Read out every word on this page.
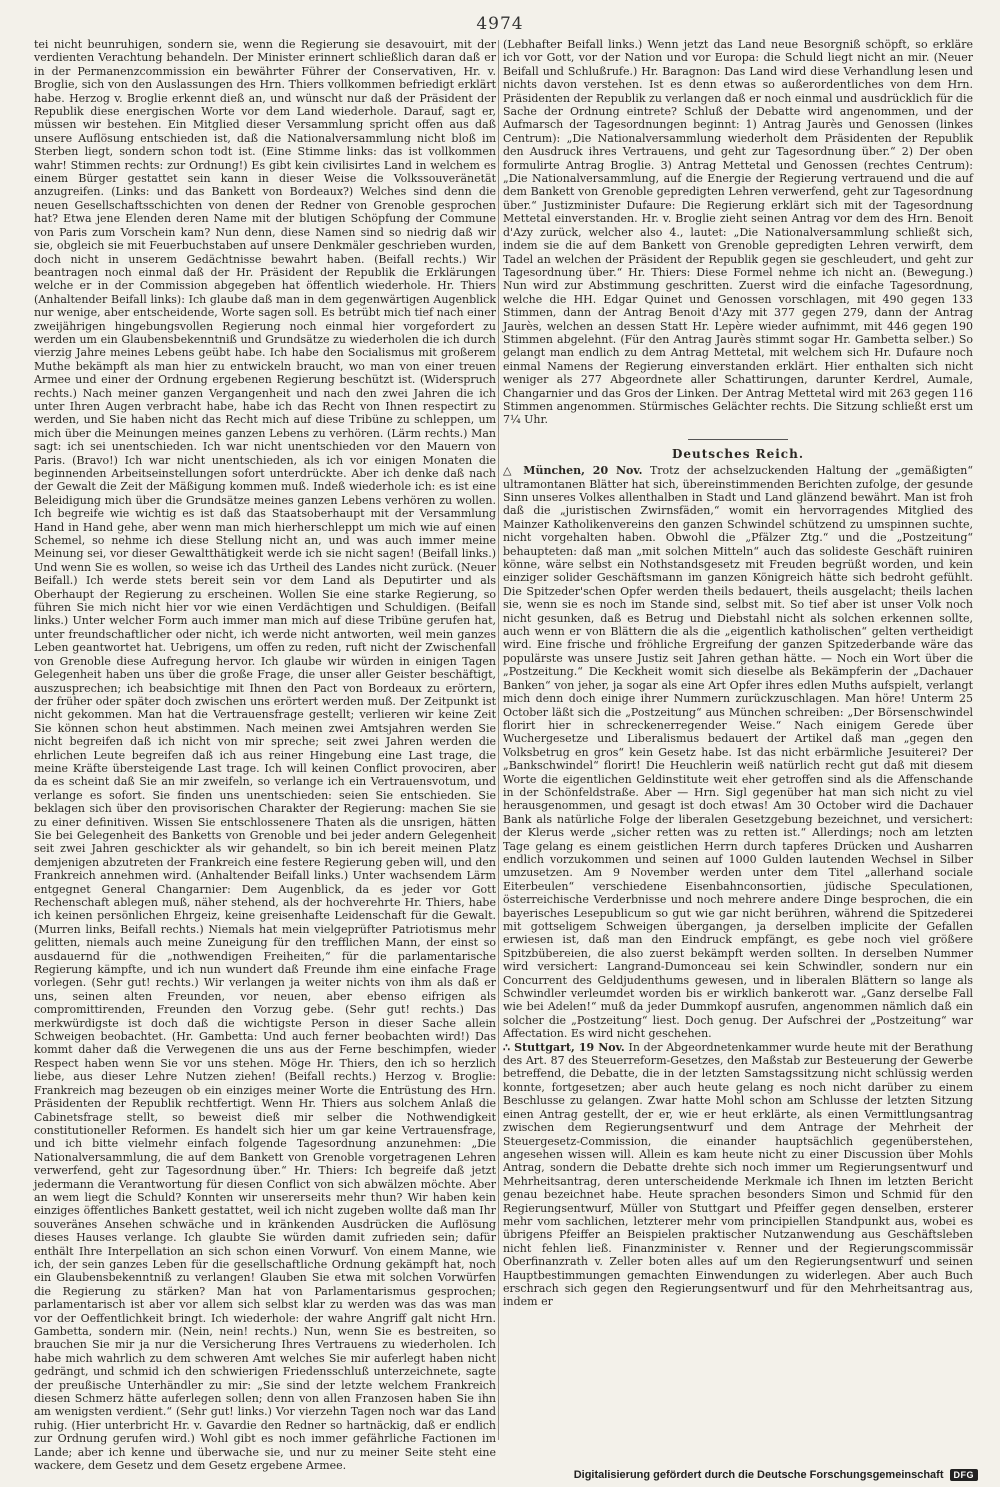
4974

tei nicht beunruhigen, sondern sie, wenn die Regierung sie desavouirt, mit der verdienten Verachtung behandeln. Der Minister erinnert schließlich daran daß er in der Permanenzcommission ein bewährter Führer der Conservativen, Hr. v. Broglie, sich von den Auslassungen des Hrn. Thiers vollkommen befriedigt erklärt habe. Herzog v. Broglie erkennt dieß an, und wünscht nur daß der Präsident der Republik diese energischen Worte vor dem Land wiederhole. Darauf, sagt er, müssen wir bestehen. Ein Mitglied dieser Versammlung spricht offen aus daß unsere Auflösung entschieden ist, daß die Nationalversammlung nicht bloß im Sterben liegt, sondern schon todt ist. (Eine Stimme links: das ist vollkommen wahr! Stimmen rechts: zur Ordnung!) Es gibt kein civilisirtes Land in welchem es einem Bürger gestattet sein kann in dieser Weise die Volkssouveränetät anzugreifen. (Links: und das Bankett von Bordeaux?) Welches sind denn die neuen Gesellschaftsschichten von denen der Redner von Grenoble gesprochen hat? Etwa jene Elenden deren Name mit der blutigen Schöpfung der Commune von Paris zum Vorschein kam? Nun denn, diese Namen sind so niedrig daß wir sie, obgleich sie mit Feuerbuchstaben auf unsere Denkmäler geschrieben wurden, doch nicht in unserem Gedächtnisse bewahrt haben. (Beifall rechts.) Wir beantragen noch einmal daß der Hr. Präsident der Republik die Erklärungen welche er in der Commission abgegeben hat öffentlich wiederhole. Hr. Thiers (Anhaltender Beifall links): Ich glaube daß man in dem gegenwärtigen Augenblick nur wenige, aber entscheidende, Worte sagen soll. Es betrübt mich tief nach einer zweijährigen hingebungsvollen Regierung noch einmal hier vorgefordert zu werden um ein Glaubensbekenntniß und Grundsätze zu wiederholen die ich durch vierzig Jahre meines Lebens geübt habe. Ich habe den Socialismus mit großerem Muthe bekämpft als man hier zu entwickeln braucht, wo man von einer treuen Armee und einer der Ordnung ergebenen Regierung beschützt ist. (Widerspruch rechts.) Nach meiner ganzen Vergangenheit und nach den zwei Jahren die ich unter Ihren Augen verbracht habe, habe ich das Recht von Ihnen respectirt zu werden, und Sie haben nicht das Recht mich auf diese Tribüne zu schleppen, um mich über die Meinungen meines ganzen Lebens zu verhören. (Lärm rechts.) Man sagt: ich sei unentschieden. Ich war nicht unentschieden vor den Mauern von Paris. (Bravo!) Ich war nicht unentschieden, als ich vor einigen Monaten die beginnenden Arbeitseinstellungen sofort unterdrückte. Aber ich denke daß nach der Gewalt die Zeit der Mäßigung kommen muß. Indeß wiederhole ich: es ist eine Beleidigung mich über die Grundsätze meines ganzen Lebens verhören zu wollen. Ich begreife wie wichtig es ist daß das Staatsoberhaupt mit der Versammlung Hand in Hand gehe, aber wenn man mich hierherschleppt um mich wie auf einen Schemel, so nehme ich diese Stellung nicht an, und was auch immer meine Meinung sei, vor dieser Gewaltthätigkeit werde ich sie nicht sagen! (Beifall links.) Und wenn Sie es wollen, so weise ich das Urtheil des Landes nicht zurück. (Neuer Beifall.) Ich werde stets bereit sein vor dem Land als Deputirter und als Oberhaupt der Regierung zu erscheinen. Wollen Sie eine starke Regierung, so führen Sie mich nicht hier vor wie einen Verdächtigen und Schuldigen. (Beifall links.) Unter welcher Form auch immer man mich auf diese Tribüne gerufen hat, unter freundschaftlicher oder nicht, ich werde nicht antworten, weil mein ganzes Leben geantwortet hat. Uebrigens, um offen zu reden, ruft nicht der Zwischenfall von Grenoble diese Aufregung hervor. Ich glaube wir würden in einigen Tagen Gelegenheit haben uns über die große Frage, die unser aller Geister beschäftigt, auszusprechen; ich beabsichtige mit Ihnen den Pact von Bordeaux zu erörtern, der früher oder später doch zwischen uns erörtert werden muß. Der Zeitpunkt ist nicht gekommen. Man hat die Vertrauensfrage gestellt; verlieren wir keine Zeit Sie können schon heut abstimmen. Nach meinen zwei Amtsjahren werden Sie nicht begreifen daß ich nicht von mir spreche; seit zwei Jahren werden die ehrlichen Leute begreifen daß ich aus reiner Hingebung eine Last trage, die meine Kräfte übersteigende Last trage. Ich will keinen Conflict provociren, aber da es scheint daß Sie an mir zweifeln, so verlange ich ein Vertrauensvotum, und verlange es sofort. Sie finden uns unentschieden: seien Sie entschieden. Sie beklagen sich über den provisorischen Charakter der Regierung: machen Sie sie zu einer definitiven. Wissen Sie entschlossenere Thaten als die unsrigen, hätten Sie bei Gelegenheit des Banketts von Grenoble und bei jeder andern Gelegenheit seit zwei Jahren geschickter als wir gehandelt, so bin ich bereit meinen Platz demjenigen abzutreten der Frankreich eine festere Regierung geben will, und den Frankreich annehmen wird. (Anhaltender Beifall links.) Unter wachsendem Lärm entgegnet General Changarnier: Dem Augenblick, da es jeder vor Gott Rechenschaft ablegen muß, näher stehend, als der hochverehrte Hr. Thiers, habe ich keinen persönlichen Ehrgeiz, keine greisenhafte Leidenschaft für die Gewalt. (Murren links, Beifall rechts.) Niemals hat mein vielgeprüfter Patriotismus mehr gelitten, niemals auch meine Zuneigung für den trefflichen Mann, der einst so ausdauernd für die „nothwendigen Freiheiten,“ für die parlamentarische Regierung kämpfte, und ich nun wundert daß Freunde ihm eine einfache Frage vorlegen. (Sehr gut! rechts.) Wir verlangen ja weiter nichts von ihm als daß er uns, seinen alten Freunden, vor neuen, aber ebenso eifrigen als compromittirenden, Freunden den Vorzug gebe. (Sehr gut! rechts.) Das merkwürdigste ist doch daß die wichtigste Person in dieser Sache allein Schweigen beobachtet. (Hr. Gambetta: Und auch ferner beobachten wird!) Das kommt daher daß die Verwegenen die uns aus der Ferne beschimpfen, wieder Respect haben wenn Sie vor uns stehen. Möge Hr. Thiers, den ich so herzlich liebe, aus dieser Lehre Nutzen ziehen! (Beifall rechts.) Herzog v. Broglie: Frankreich mag bezeugen ob ein einziges meiner Worte die Entrüstung des Hrn. Präsidenten der Republik rechtfertigt. Wenn Hr. Thiers aus solchem Anlaß die Cabinetsfrage stellt, so beweist dieß mir selber die Nothwendigkeit constitutioneller Reformen. Es handelt sich hier um gar keine Vertrauensfrage, und ich bitte vielmehr einfach folgende Tagesordnung anzunehmen: „Die Nationalversammlung, die auf dem Bankett von Grenoble vorgetragenen Lehren verwerfend, geht zur Tagesordnung über.“ Hr. Thiers: Ich begreife daß jetzt jedermann die Verantwortung für diesen Conflict von sich abwälzen möchte. Aber an wem liegt die Schuld? Konnten wir unsererseits mehr thun? Wir haben kein einziges öffentliches Bankett gestattet, weil ich nicht zugeben wollte daß man Ihr souveränes Ansehen schwäche und in kränkenden Ausdrücken die Auflösung dieses Hauses verlange. Ich glaubte Sie würden damit zufrieden sein; dafür enthält Ihre Interpellation an sich schon einen Vorwurf. Von einem Manne, wie ich, der sein ganzes Leben für die gesellschaftliche Ordnung gekämpft hat, noch ein Glaubensbekenntniß zu verlangen! Glauben Sie etwa mit solchen Vorwürfen die Regierung zu stärken? Man hat von Parlamentarismus gesprochen; parlamentarisch ist aber vor allem sich selbst klar zu werden was das was man vor der Oeffentlichkeit bringt. Ich wiederhole: der wahre Angriff galt nicht Hrn. Gambetta, sondern mir. (Nein, nein! rechts.) Nun, wenn Sie es bestreiten, so brauchen Sie mir ja nur die Versicherung Ihres Vertrauens zu wiederholen. Ich habe mich wahrlich zu dem schweren Amt welches Sie mir auferlegt haben nicht gedrängt, und schmid ich den schwierigen Friedensschluß unterzeichnete, sagte der preußische Unterhändler zu mir: „Sie sind der letzte welchem Frankreich diesen Schmerz hätte auferlegen sollen; denn von allen Franzosen haben Sie ihn am wenigsten verdient.“ (Sehr gut! links.) Vor vierzehn Tagen noch war das Land ruhig. (Hier unterbricht Hr. v. Gavardie den Redner so hartnäckig, daß er endlich zur Ordnung gerufen wird.) Wohl gibt es noch immer gefährliche Factionen im Lande; aber ich kenne und überwache sie, und nur zu meiner Seite steht eine wackere, dem Gesetz und dem Gesetz ergebene Armee.

(Lebhafter Beifall links.) Wenn jetzt das Land neue Besorgniß schöpft, so erkläre ich vor Gott, vor der Nation und vor Europa: die Schuld liegt nicht an mir. (Neuer Beifall und Schlußrufe.) Hr. Baragnon: Das Land wird diese Verhandlung lesen und nichts davon verstehen. Ist es denn etwas so außerordentliches von dem Hrn. Präsidenten der Republik zu verlangen daß er noch einmal und ausdrücklich für die Sache der Ordnung eintrete? Schluß der Debatte wird angenommen, und der Aufmarsch der Tagesordnungen beginnt: 1) Antrag Jaurès und Genossen (linkes Centrum): „Die Nationalversammlung wiederholt dem Präsidenten der Republik den Ausdruck ihres Vertrauens, und geht zur Tagesordnung über.“ 2) Der oben formulirte Antrag Broglie. 3) Antrag Mettetal und Genossen (rechtes Centrum): „Die Nationalversammlung, auf die Energie der Regierung vertrauend und die auf dem Bankett von Grenoble gepredigten Lehren verwerfend, geht zur Tagesordnung über.“ Justizminister Dufaure: Die Regierung erklärt sich mit der Tagesordnung Mettetal einverstanden. Hr. v. Broglie zieht seinen Antrag vor dem des Hrn. Benoit d'Azy zurück, welcher also 4., lautet: „Die Nationalversammlung schließt sich, indem sie die auf dem Bankett von Grenoble gepredigten Lehren verwirft, dem Tadel an welchen der Präsident der Republik gegen sie geschleudert, und geht zur Tagesordnung über.“ Hr. Thiers: Diese Formel nehme ich nicht an. (Bewegung.) Nun wird zur Abstimmung geschritten. Zuerst wird die einfache Tagesordnung, welche die HH. Edgar Quinet und Genossen vorschlagen, mit 490 gegen 133 Stimmen, dann der Antrag Benoit d'Azy mit 377 gegen 279, dann der Antrag Jaurès, welchen an dessen Statt Hr. Lepère wieder aufnimmt, mit 446 gegen 190 Stimmen abgelehnt. (Für den Antrag Jaurès stimmt sogar Hr. Gambetta selber.) So gelangt man endlich zu dem Antrag Mettetal, mit welchem sich Hr. Dufaure noch einmal Namens der Regierung einverstanden erklärt. Hier enthalten sich nicht weniger als 277 Abgeordnete aller Schattirungen, darunter Kerdrel, Aumale, Changarnier und das Gros der Linken. Der Antrag Mettetal wird mit 263 gegen 116 Stimmen angenommen. Stürmisches Gelächter rechts. Die Sitzung schließt erst um 7¼ Uhr.

Deutsches Reich.

△ München, 20 Nov. Trotz der achselzuckenden Haltung der „gemäßigten“ ultramontanen Blätter hat sich, übereinstimmenden Berichten zufolge, der gesunde Sinn unseres Volkes allenthalben in Stadt und Land glänzend bewährt. Man ist froh daß die „juristischen Zwirnsfäden,“ womit ein hervorragendes Mitglied des Mainzer Katholikenvereins den ganzen Schwindel schützend zu umspinnen suchte, nicht vorgehalten haben. Obwohl die „Pfälzer Ztg.“ und die „Postzeitung“ behaupteten: daß man „mit solchen Mitteln“ auch das solideste Geschäft ruiniren könne, wäre selbst ein Nothstandsgesetz mit Freuden begrüßt worden, und kein einziger solider Geschäftsmann im ganzen Königreich hätte sich bedroht gefühlt. Die Spitzeder'schen Opfer werden theils bedauert, theils ausgelacht; theils lachen sie, wenn sie es noch im Stande sind, selbst mit. So tief aber ist unser Volk noch nicht gesunken, daß es Betrug und Diebstahl nicht als solchen erkennen sollte, auch wenn er von Blättern die als die „eigentlich katholischen“ gelten vertheidigt wird. Eine frische und fröhliche Ergreifung der ganzen Spitzederbande wäre das populärste was unsere Justiz seit Jahren gethan hätte. — Noch ein Wort über die „Postzeitung.“ Die Keckheit womit sich dieselbe als Bekämpferin der „Dachauer Banken“ von jeher, ja sogar als eine Art Opfer ihres edlen Muths aufspielt, verlangt mich denn doch einige ihrer Nummern zurückzuschlagen. Man höre! Unterm 25 October läßt sich die „Postzeitung“ aus München schreiben: „Der Börsenschwindel florirt hier in schreckenerregender Weise.“ Nach einigem Gerede über Wuchergesetze und Liberalismus bedauert der Artikel daß man „gegen den Volksbetrug en gros“ kein Gesetz habe. Ist das nicht erbärmliche Jesuiterei? Der „Bankschwindel“ florirt! Die Heuchlerin weiß natürlich recht gut daß mit diesem Worte die eigentlichen Geldinstitute weit eher getroffen sind als die Affenschande in der Schönfeldstraße. Aber — Hrn. Sigl gegenüber hat man sich nicht zu viel herausgenommen, und gesagt ist doch etwas! Am 30 October wird die Dachauer Bank als natürliche Folge der liberalen Gesetzgebung bezeichnet, und versichert: der Klerus werde „sicher retten was zu retten ist.“ Allerdings; noch am letzten Tage gelang es einem geistlichen Herrn durch tapferes Drücken und Ausharren endlich vorzukommen und seinen auf 1000 Gulden lautenden Wechsel in Silber umzusetzen. Am 9 November werden unter dem Titel „allerhand sociale Eiterbeulen“ verschiedene Eisenbahnconsortien, jüdische Speculationen, österreichische Verderbnisse und noch mehrere andere Dinge besprochen, die ein bayerisches Lesepublicum so gut wie gar nicht berühren, während die Spitzederei mit gottseligem Schweigen übergangen, ja derselben implicite der Gefallen erwiesen ist, daß man den Eindruck empfängt, es gebe noch viel größere Spitzbübereien, die also zuerst bekämpft werden sollten. In derselben Nummer wird versichert: Langrand-Dumonceau sei kein Schwindler, sondern nur ein Concurrent des Geldjudenthums gewesen, und in liberalen Blättern so lange als Schwindler verleumdet worden bis er wirklich bankerott war. „Ganz derselbe Fall wie bei Adelen!“ muß da jeder Dummkopf ausrufen, angenommen nämlich daß ein solcher die „Postzeitung“ liest. Doch genug. Der Aufschrei der „Postzeitung“ war Affectation. Es wird nicht geschehen.

∴ Stuttgart, 19 Nov. In der Abgeordnetenkammer wurde heute mit der Berathung des Art. 87 des Steuerreform-Gesetzes, den Maßstab zur Besteuerung der Gewerbe betreffend, die Debatte, die in der letzten Samstagssitzung nicht schlüssig werden konnte, fortgesetzen; aber auch heute gelang es noch nicht darüber zu einem Beschlusse zu gelangen. Zwar hatte Mohl schon am Schlusse der letzten Sitzung einen Antrag gestellt, der er, wie er heut erklärte, als einen Vermittlungsantrag zwischen dem Regierungsentwurf und dem Antrage der Mehrheit der Steuergesetz-Commission, die einander hauptsächlich gegenüberstehen, angesehen wissen will. Allein es kam heute nicht zu einer Discussion über Mohls Antrag, sondern die Debatte drehte sich noch immer um Regierungsentwurf und Mehrheitsantrag, deren unterscheidende Merkmale ich Ihnen im letzten Bericht genau bezeichnet habe. Heute sprachen besonders Simon und Schmid für den Regierungsentwurf, Müller von Stuttgart und Pfeiffer gegen denselben, ersterer mehr vom sachlichen, letzterer mehr vom principiellen Standpunkt aus, wobei es übrigens Pfeiffer an Beispielen praktischer Nutzanwendung aus Geschäftsleben nicht fehlen ließ. Finanzminister v. Renner und der Regierungscommissär Oberfinanzrath v. Zeller boten alles auf um den Regierungsentwurf und seinen Hauptbestimmungen gemachten Einwendungen zu widerlegen. Aber auch Buch erschrach sich gegen den Regierungsentwurf und für den Mehrheitsantrag aus, indem er

Digitalisierung gefördert durch die Deutsche Forschungsgemeinschaft	DFG
